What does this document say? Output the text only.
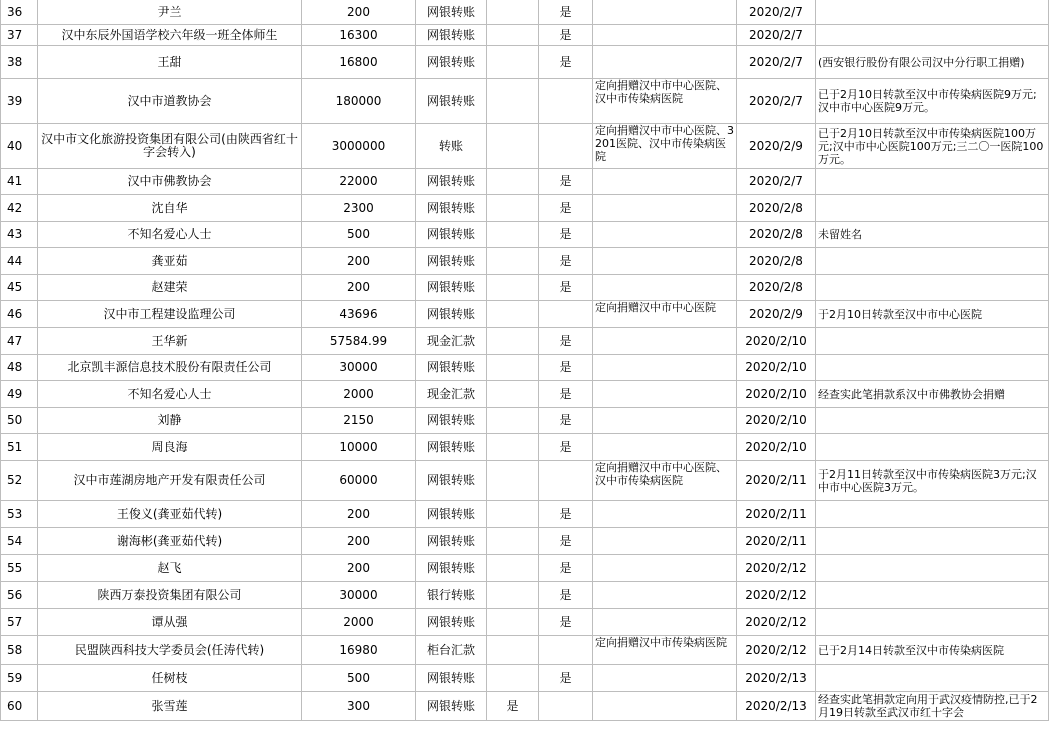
36	尹兰	200	网银转账		是		2020/2/7	
37	汉中东辰外国语学校六年级一班全体师生	16300	网银转账		是		2020/2/7	
38	王甜	16800	网银转账		是		2020/2/7	(西安银行股份有限公司汉中分行职工捐赠)
39	汉中市道教协会	180000	网银转账			定向捐赠汉中市中心医院、汉中市传染病医院	2020/2/7	已于2月10日转款至汉中市传染病医院9万元;汉中市中心医院9万元。
40	汉中市文化旅游投资集团有限公司(由陕西省红十字会转入)	3000000	转账			定向捐赠汉中市中心医院、3201医院、汉中市传染病医院	2020/2/9	已于2月10日转款至汉中市传染病医院100万元;汉中市中心医院100万元;三二〇一医院100万元。
41	汉中市佛教协会	22000	网银转账		是		2020/2/7	
42	沈自华	2300	网银转账		是		2020/2/8	
43	不知名爱心人士	500	网银转账		是		2020/2/8	未留姓名
44	龚亚茹	200	网银转账		是		2020/2/8	
45	赵建荣	200	网银转账		是		2020/2/8	
46	汉中市工程建设监理公司	43696	网银转账			定向捐赠汉中市中心医院	2020/2/9	于2月10日转款至汉中市中心医院
47	王华新	57584.99	现金汇款		是		2020/2/10	
48	北京凯丰源信息技术股份有限责任公司	30000	网银转账		是		2020/2/10	
49	不知名爱心人士	2000	现金汇款		是		2020/2/10	经查实此笔捐款系汉中市佛教协会捐赠
50	刘静	2150	网银转账		是		2020/2/10	
51	周良海	10000	网银转账		是		2020/2/10	
52	汉中市莲湖房地产开发有限责任公司	60000	网银转账			定向捐赠汉中市中心医院、汉中市传染病医院	2020/2/11	于2月11日转款至汉中市传染病医院3万元;汉中市中心医院3万元。
53	王俊义(龚亚茹代转)	200	网银转账		是		2020/2/11	
54	谢海彬(龚亚茹代转)	200	网银转账		是		2020/2/11	
55	赵飞	200	网银转账		是		2020/2/12	
56	陕西万泰投资集团有限公司	30000	银行转账		是		2020/2/12	
57	谭从强	2000	网银转账		是		2020/2/12	
58	民盟陕西科技大学委员会(任涛代转)	16980	柜台汇款			定向捐赠汉中市传染病医院	2020/2/12	已于2月14日转款至汉中市传染病医院
59	任树枝	500	网银转账		是		2020/2/13	
60	张雪莲	300	网银转账	是			2020/2/13	经查实此笔捐款定向用于武汉疫情防控,已于2月19日转款至武汉市红十字会
